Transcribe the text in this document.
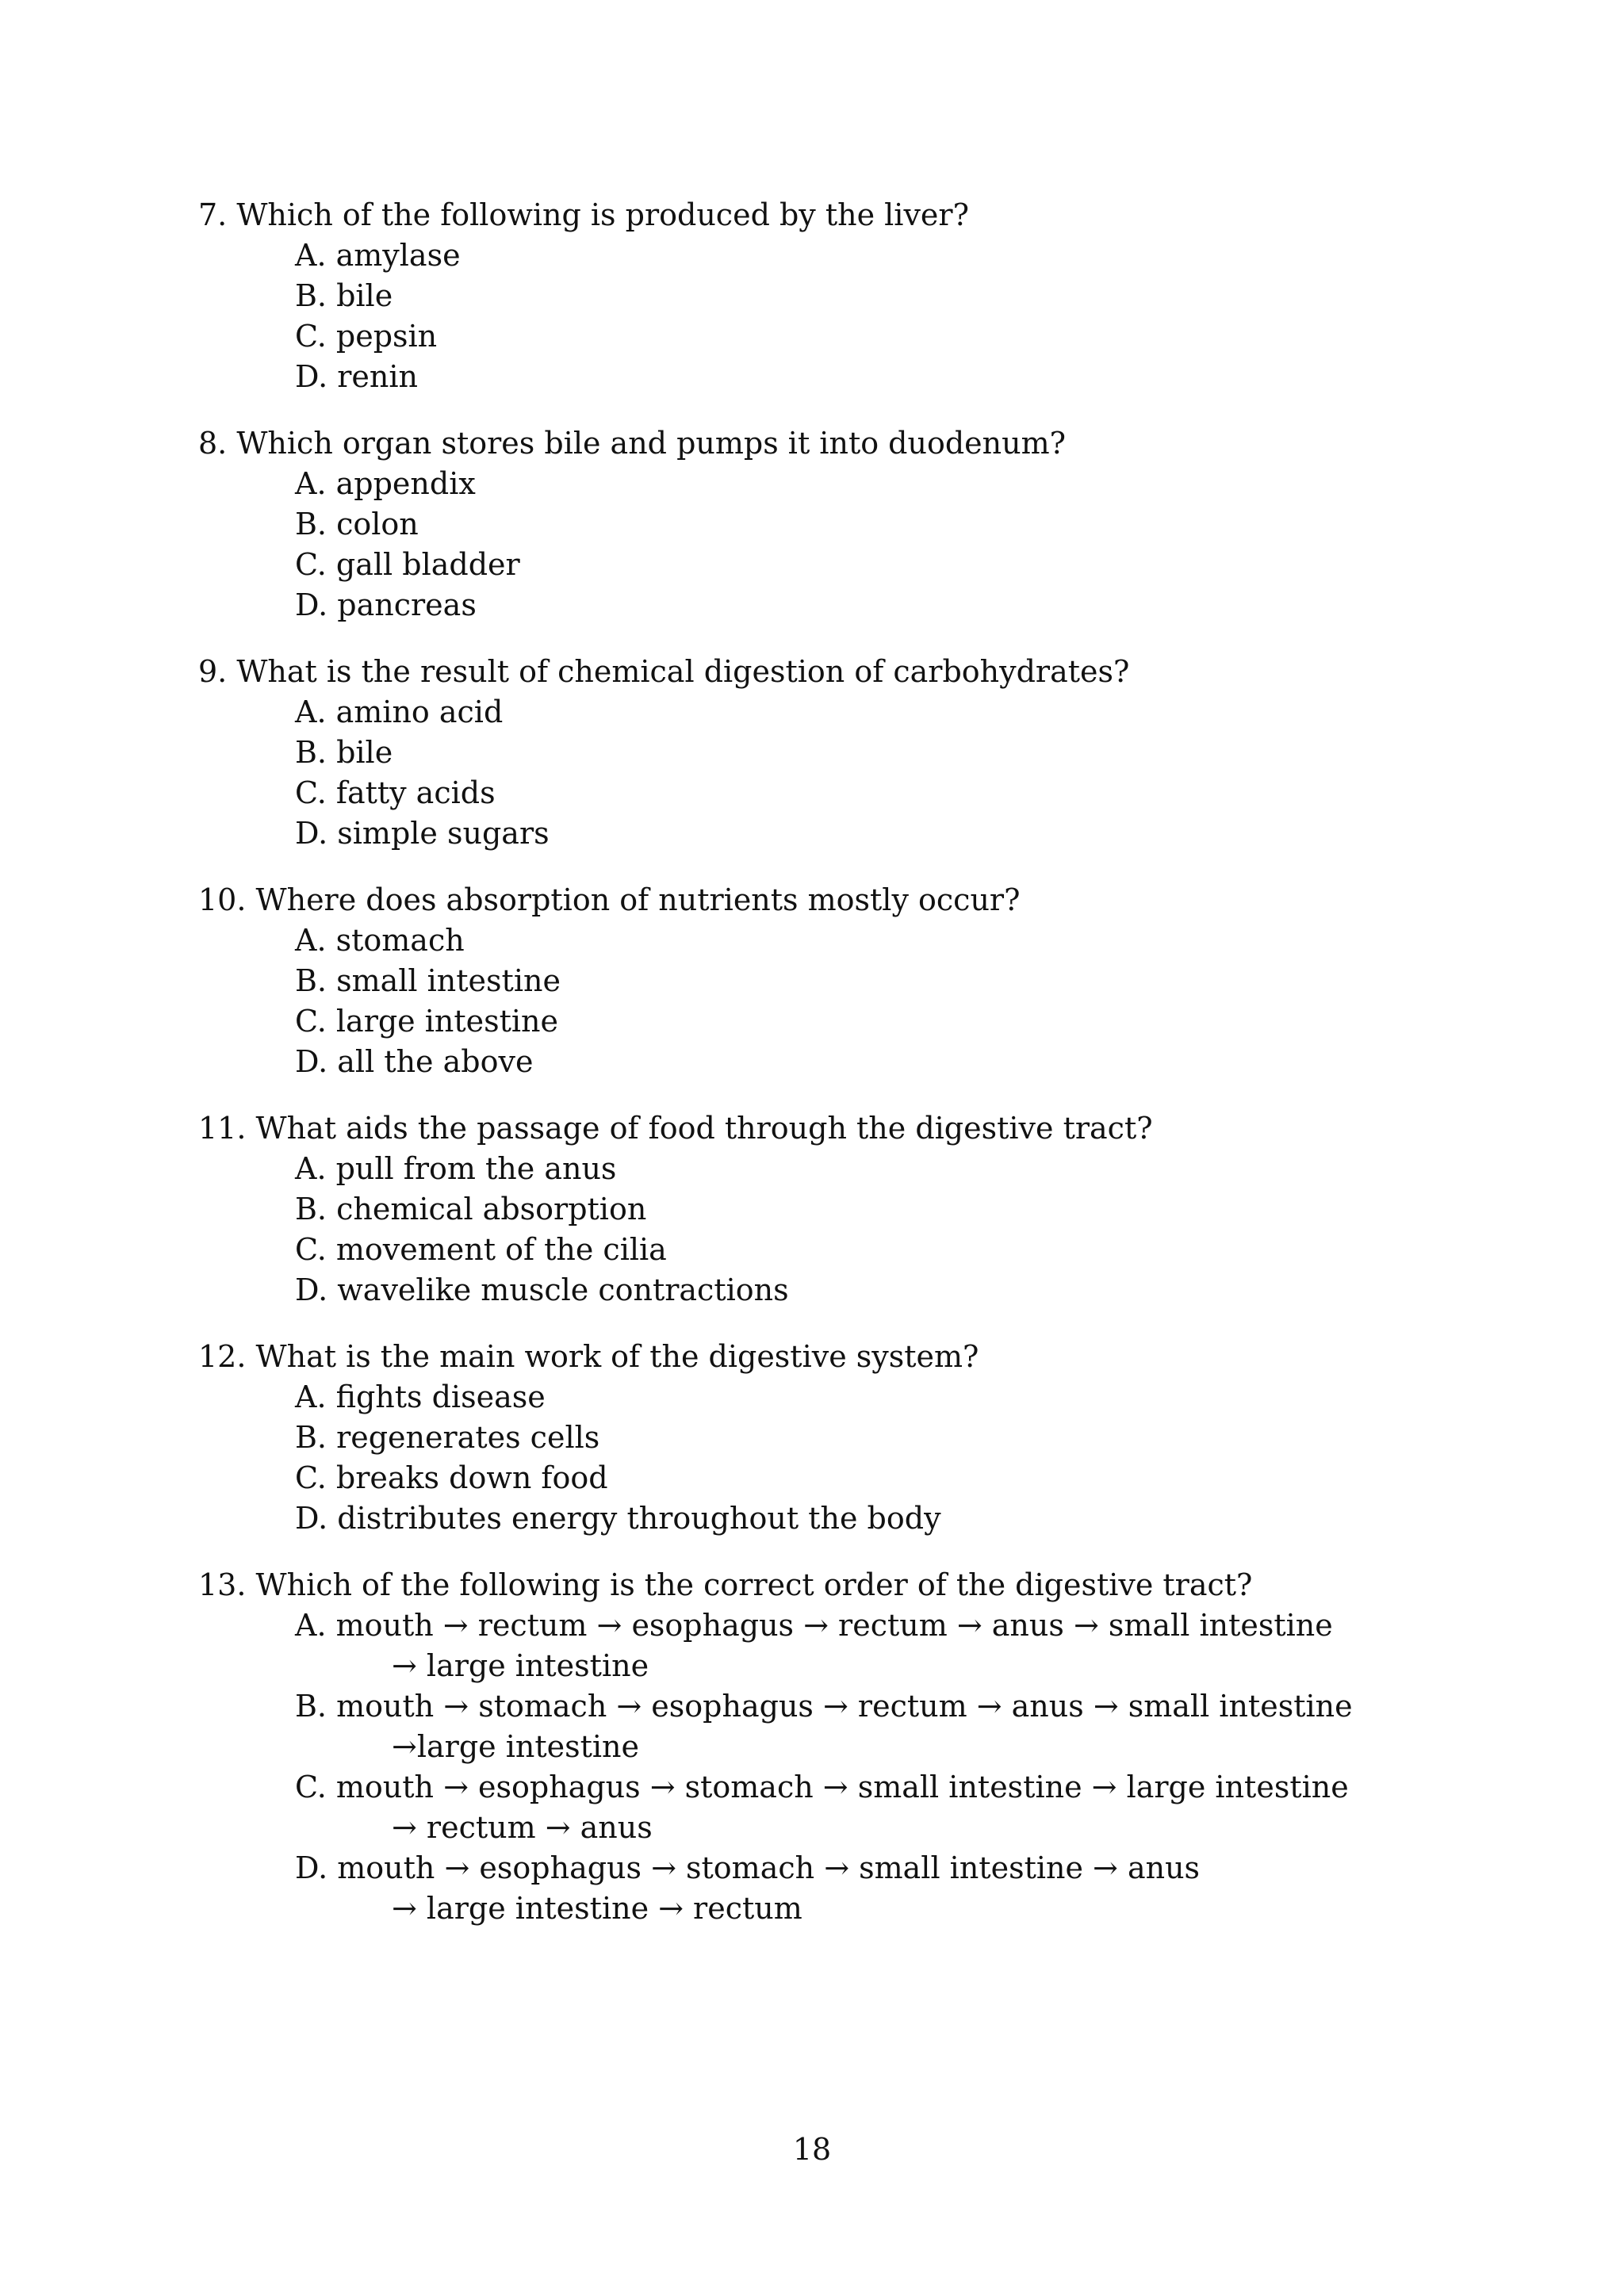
7. Which of the following is produced by the liver?
A. amylase
B. bile
C. pepsin
D. renin
8. Which organ stores bile and pumps it into duodenum?
A. appendix
B. colon
C. gall bladder
D. pancreas
9. What is the result of chemical digestion of carbohydrates?
A. amino acid
B. bile
C. fatty acids
D. simple sugars
10. Where does absorption of nutrients mostly occur?
A. stomach
B. small intestine
C. large intestine
D. all the above
11. What aids the passage of food through the digestive tract?
A. pull from the anus
B. chemical absorption
C. movement of the cilia
D. wavelike muscle contractions
12. What is the main work of the digestive system?
A. fights disease
B. regenerates cells
C. breaks down food
D. distributes energy throughout the body
13. Which of the following is the correct order of the digestive tract?
A. mouth → rectum → esophagus → rectum → anus → small intestine
→ large intestine
B. mouth → stomach → esophagus → rectum → anus → small intestine
→large intestine
C. mouth → esophagus → stomach → small intestine → large intestine
→ rectum → anus
D. mouth → esophagus → stomach → small intestine → anus
→ large intestine → rectum
18
